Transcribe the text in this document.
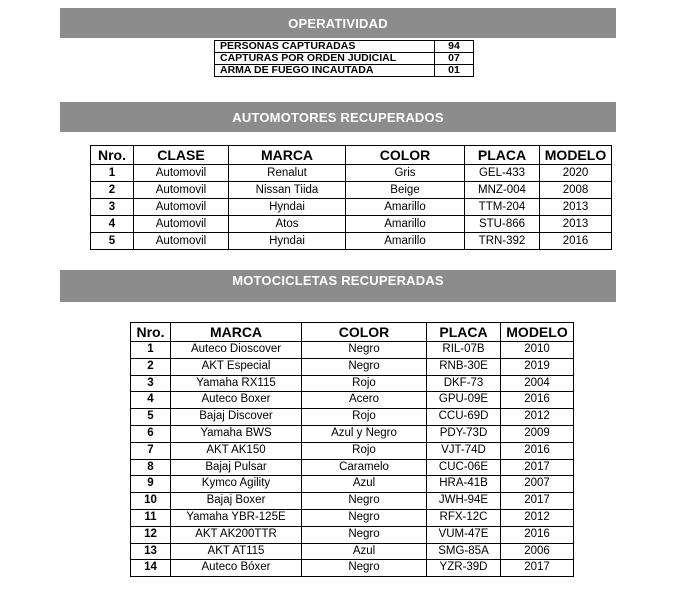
OPERATIVIDAD
PERSONAS CAPTURADAS	94
CAPTURAS POR ORDEN JUDICIAL	07
ARMA DE FUEGO INCAUTADA	01
AUTOMOTORES RECUPERADOS
Nro.	CLASE	MARCA	COLOR	PLACA	MODELO
1	Automovil	Renalut	Gris	GEL-433	2020
2	Automovil	Nissan Tiida	Beige	MNZ-004	2008
3	Automovil	Hyndai	Amarillo	TTM-204	2013
4	Automovil	Atos	Amarillo	STU-866	2013
5	Automovil	Hyndai	Amarillo	TRN-392	2016
MOTOCICLETAS RECUPERADAS
Nro.	MARCA	COLOR	PLACA	MODELO
1	Auteco Dioscover	Negro	RIL-07B	2010
2	AKT Especial	Negro	RNB-30E	2019
3	Yamaha RX115	Rojo	DKF-73	2004
4	Auteco Boxer	Acero	GPU-09E	2016
5	Bajaj Discover	Rojo	CCU-69D	2012
6	Yamaha BWS	Azul y Negro	PDY-73D	2009
7	AKT AK150	Rojo	VJT-74D	2016
8	Bajaj Pulsar	Caramelo	CUC-06E	2017
9	Kymco Agility	Azul	HRA-41B	2007
10	Bajaj Boxer	Negro	JWH-94E	2017
11	Yamaha YBR-125E	Negro	RFX-12C	2012
12	AKT AK200TTR	Negro	VUM-47E	2016
13	AKT AT115	Azul	SMG-85A	2006
14	Auteco Bóxer	Negro	YZR-39D	2017
